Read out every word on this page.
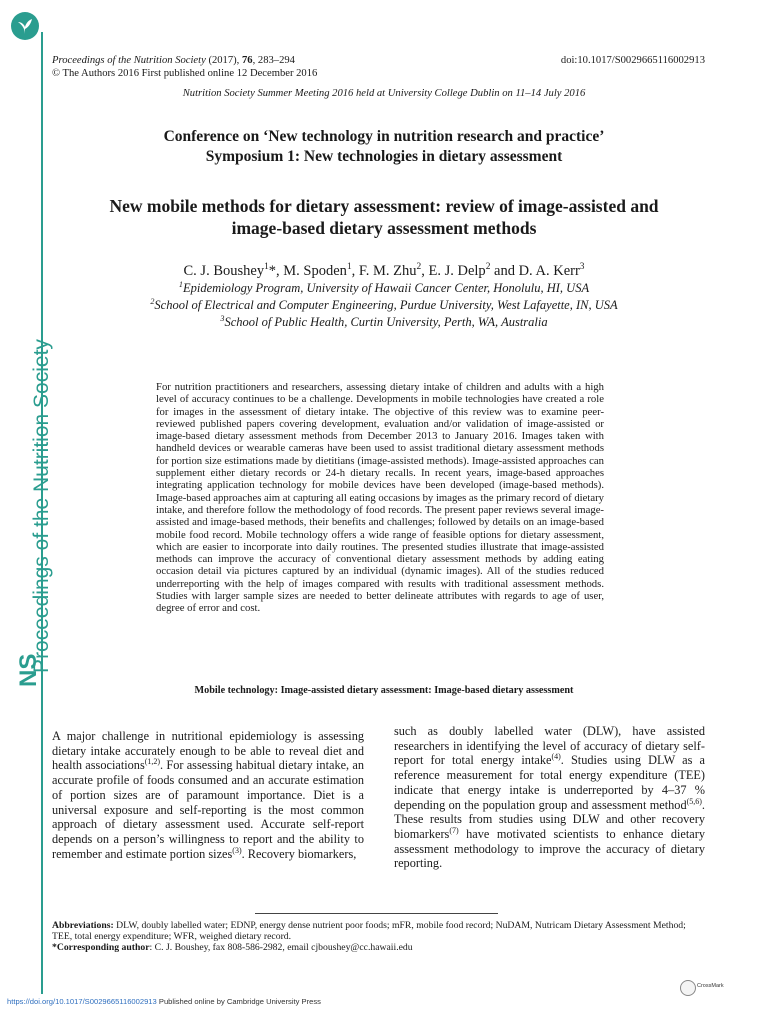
Proceedings of the Nutrition Society
NS
Proceedings of the Nutrition Society (2017), 76, 283–294	doi:10.1017/S0029665116002913
© The Authors 2016 First published online 12 December 2016
Nutrition Society Summer Meeting 2016 held at University College Dublin on 11–14 July 2016
Conference on ‘New technology in nutrition research and practice’
Symposium 1: New technologies in dietary assessment
New mobile methods for dietary assessment: review of image-assisted and
image-based dietary assessment methods
C. J. Boushey$^1$*, M. Spoden$^1$, F. M. Zhu$^2$, E. J. Delp$^2$ and D. A. Kerr$^3$
$^1$Epidemiology Program, University of Hawaii Cancer Center, Honolulu, HI, USA
$^2$School of Electrical and Computer Engineering, Purdue University, West Lafayette, IN, USA
$^3$School of Public Health, Curtin University, Perth, WA, Australia
For nutrition practitioners and researchers, assessing dietary intake of children and adults with a high level of accuracy continues to be a challenge. Developments in mobile technologies have created a role for images in the assessment of dietary intake. The objective of this review was to examine peer-reviewed published papers covering development, evaluation and/or validation of image-assisted or image-based dietary assessment methods from December 2013 to January 2016. Images taken with handheld devices or wearable cameras have been used to assist traditional dietary assessment methods for portion size estimations made by dietitians (image-assisted methods). Image-assisted approaches can supplement either dietary records or 24-h dietary recalls. In recent years, image-based approaches integrating application technology for mobile devices have been developed (image-based methods). Image-based approaches aim at capturing all eating occasions by images as the primary record of dietary intake, and therefore follow the methodology of food records. The present paper reviews several image-assisted and image-based methods, their benefits and challenges; followed by details on an image-based mobile food record. Mobile technology offers a wide range of feasible options for dietary assessment, which are easier to incorporate into daily routines. The presented studies illustrate that image-assisted methods can improve the accuracy of conventional dietary assessment methods by adding eating occasion detail via pictures captured by an individual (dynamic images). All of the studies reduced underreporting with the help of images compared with results with traditional assessment methods. Studies with larger sample sizes are needed to better delineate attributes with regards to age of user, degree of error and cost.
Mobile technology: Image-assisted dietary assessment: Image-based dietary assessment
A major challenge in nutritional epidemiology is assessing dietary intake accurately enough to be able to reveal diet and health associations$^{(1,2)}$. For assessing habitual dietary intake, an accurate profile of foods consumed and an accurate estimation of portion sizes are of paramount importance. Diet is a universal exposure and self-reporting is the most common approach of dietary assessment used. Accurate self-report depends on a person’s willingness to report and the ability to remember and estimate portion sizes$^{(3)}$. Recovery biomarkers,
such as doubly labelled water (DLW), have assisted researchers in identifying the level of accuracy of dietary self-report for total energy intake$^{(4)}$. Studies using DLW as a reference measurement for total energy expenditure (TEE) indicate that energy intake is underreported by 4–37 % depending on the population group and assessment method$^{(5,6)}$. These results from studies using DLW and other recovery biomarkers$^{(7)}$ have motivated scientists to enhance dietary assessment methodology to improve the accuracy of dietary reporting.
Abbreviations: DLW, doubly labelled water; EDNP, energy dense nutrient poor foods; mFR, mobile food record; NuDAM, Nutricam Dietary Assessment Method; TEE, total energy expenditure; WFR, weighed dietary record.
*Corresponding author: C. J. Boushey, fax 808-586-2982, email cjboushey@cc.hawaii.edu
https://doi.org/10.1017/S0029665116002913 Published online by Cambridge University Press
CrossMark
